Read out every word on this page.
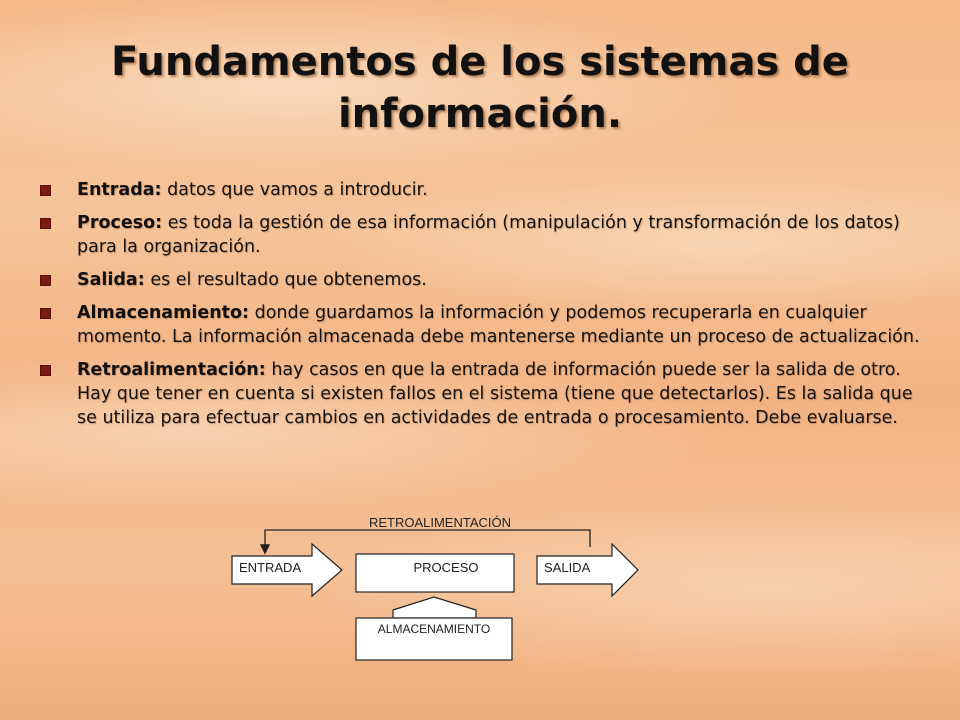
Fundamentos de los sistemas de información.
Entrada: datos que vamos a introducir.
Proceso: es toda la gestión de esa información (manipulación y transformación de los datos) para la organización.
Salida: es el resultado que obtenemos.
Almacenamiento: donde guardamos la información y podemos recuperarla en cualquier momento. La información almacenada debe mantenerse mediante un proceso de actualización.
Retroalimentación: hay casos en que la entrada de información puede ser la salida de otro. Hay que tener en cuenta si existen fallos en el sistema (tiene que detectarlos). Es la salida que se utiliza para efectuar cambios en actividades de entrada o procesamiento. Debe evaluarse.
RETROALIMENTACIÓN
ENTRADA	PROCESO	SALIDA
ALMACENAMIENTO
